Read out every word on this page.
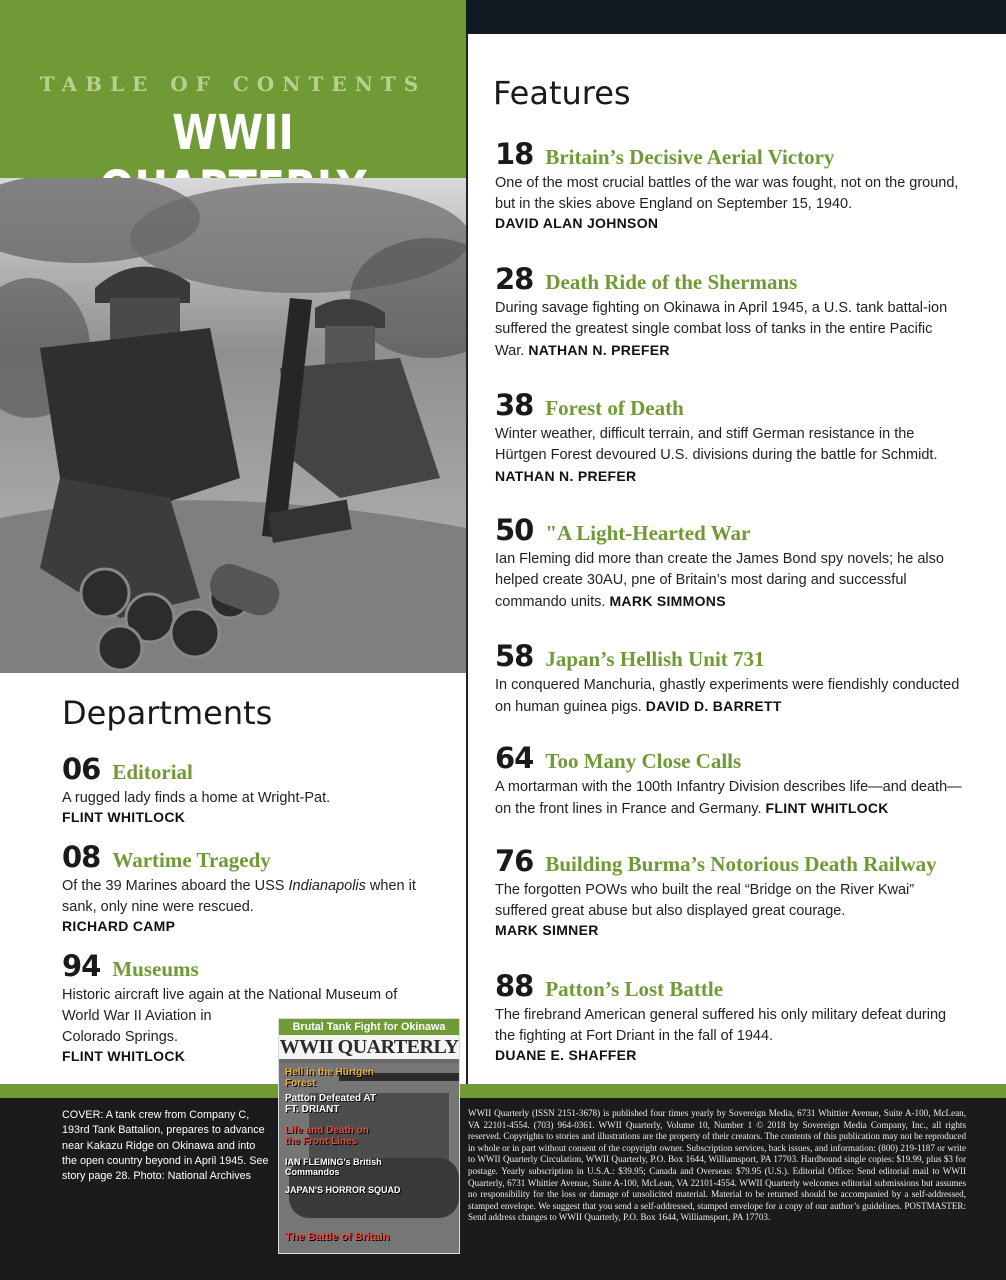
TABLE OF CONTENTS
WWII
Departments
06 Editorial
A rugged lady finds a home at Wright-Pat.
FLINT WHITLOCK
08 Wartime Tragedy
Of the 39 Marines aboard the USS Indianapolis when it sank, only nine were rescued.
RICHARD CAMP
94 Museums
Historic aircraft live again at the National Museum of
World War II Aviation in
Colorado Springs.
FLINT WHITLOCK
Features
18 Britain’s Decisive Aerial Victory
One of the most crucial battles of the war was fought, not on the ground, but in the skies above England on September 15, 1940.
DAVID ALAN JOHNSON
28 Death Ride of the Shermans
During savage fighting on Okinawa in April 1945, a U.S. tank battal-ion suffered the greatest single combat loss of tanks in the entire Pacific War. NATHAN N. PREFER
38 Forest of Death
Winter weather, difficult terrain, and stiff German resistance in the Hürtgen Forest devoured U.S. divisions during the battle for Schmidt. NATHAN N. PREFER
50 "A Light-Hearted War
Ian Fleming did more than create the James Bond spy novels; he also helped create 30AU, pne of Britain’s most daring and successful commando units. MARK SIMMONS
58 Japan’s Hellish Unit 731
In conquered Manchuria, ghastly experiments were fiendishly conducted on human guinea pigs. DAVID D. BARRETT
64 Too Many Close Calls
A mortarman with the 100th Infantry Division describes life—and death—on the front lines in France and Germany. FLINT WHITLOCK
76 Building Burma’s Notorious Death Railway
The forgotten POWs who built the real “Bridge on the River Kwai” suffered great abuse but also displayed great courage.
MARK SIMNER
88 Patton’s Lost Battle
The firebrand American general suffered his only military defeat during the fighting at Fort Driant in the fall of 1944.
DUANE E. SHAFFER
COVER: A tank crew from Company C, 193rd Tank Battalion, prepares to advance near Kakazu Ridge on Okinawa and into the open country beyond in April 1945. See story page 28. Photo: National Archives
WWII Quarterly (ISSN 2151-3678) is published four times yearly by Sovereign Media, 6731 Whittier Avenue, Suite A-100, McLean, VA 22101-4554. (703) 964-0361. WWII Quarterly, Volume 10, Number 1 © 2018 by Sovereign Media Company, Inc., all rights reserved. Copyrights to stories and illustrations are the property of their creators. The contents of this publication may not be reproduced in whole or in part without consent of the copyright owner. Subscription services, back issues, and information: (800) 219-1187 or write to WWII Quarterly Circulation, WWII Quarterly, P.O. Box 1644, Williamsport, PA 17703. Hardbound single copies: $19.99, plus $3 for postage. Yearly subscription in U.S.A.: $39.95; Canada and Overseas: $79.95 (U.S.). Editorial Office: Send editorial mail to WWII Quarterly, 6731 Whittier Avenue, Suite A-100, McLean, VA 22101-4554. WWII Quarterly welcomes editorial submissions but assumes no responsibility for the loss or damage of unsolicited material. Material to be returned should be accompanied by a self-addressed, stamped envelope. We suggest that you send a self-addressed, stamped envelope for a copy of our author’s guidelines. POSTMASTER: Send address changes to WWII Quarterly, P.O. Box 1644, Williamsport, PA 17703.
Brutal Tank Fight for Okinawa
WWII QUARTERLY
Hell in the Hürtgen Forest
Patton Defeated AT FT. DRIANT
Life and Death on the Front Lines
IAN FLEMING's British Commandos
JAPAN'S HORROR SQUAD
The Battle of Britain
